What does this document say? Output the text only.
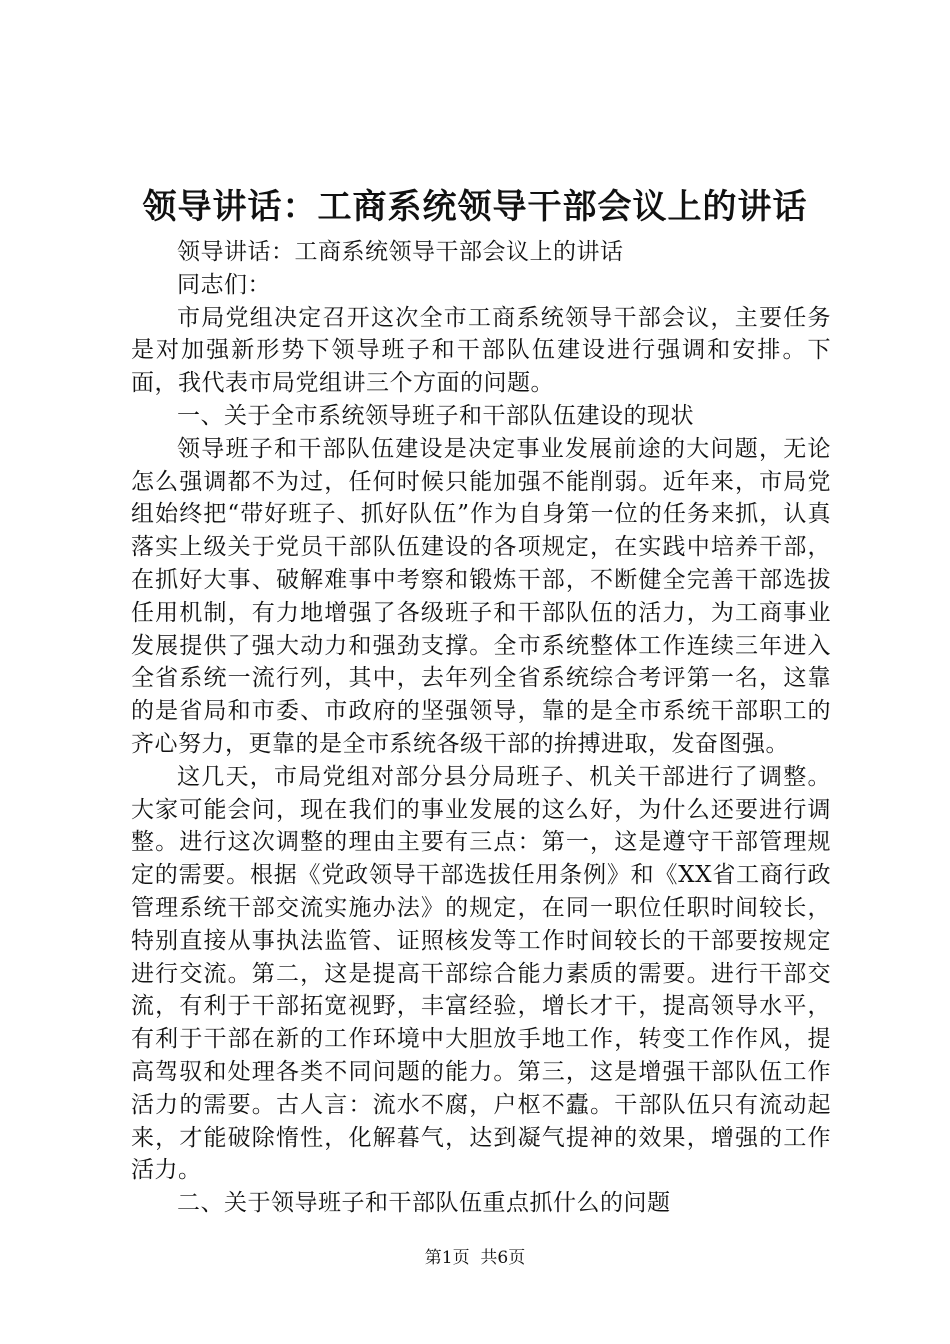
领导讲话：工商系统领导干部会议上的讲话

领导讲话：工商系统领导干部会议上的讲话

同志们：

市局党组决定召开这次全市工商系统领导干部会议，主要任务是对加强新形势下领导班子和干部队伍建设进行强调和安排。下面，我代表市局党组讲三个方面的问题。

一、关于全市系统领导班子和干部队伍建设的现状

领导班子和干部队伍建设是决定事业发展前途的大问题，无论怎么强调都不为过，任何时候只能加强不能削弱。近年来，市局党组始终把“带好班子、抓好队伍”作为自身第一位的任务来抓，认真落实上级关于党员干部队伍建设的各项规定，在实践中培养干部，在抓好大事、破解难事中考察和锻炼干部，不断健全完善干部选拔任用机制，有力地增强了各级班子和干部队伍的活力，为工商事业发展提供了强大动力和强劲支撑。全市系统整体工作连续三年进入全省系统一流行列，其中，去年列全省系统综合考评第一名，这靠的是省局和市委、市政府的坚强领导，靠的是全市系统干部职工的齐心努力，更靠的是全市系统各级干部的拚搏进取，发奋图强。

这几天，市局党组对部分县分局班子、机关干部进行了调整。大家可能会问，现在我们的事业发展的这么好，为什么还要进行调整。进行这次调整的理由主要有三点：第一，这是遵守干部管理规定的需要。根据《党政领导干部选拔任用条例》和《XX省工商行政管理系统干部交流实施办法》的规定，在同一职位任职时间较长，特别直接从事执法监管、证照核发等工作时间较长的干部要按规定进行交流。第二，这是提高干部综合能力素质的需要。进行干部交流，有利于干部拓宽视野，丰富经验，增长才干，提高领导水平，有利于干部在新的工作环境中大胆放手地工作，转变工作作风，提高驾驭和处理各类不同问题的能力。第三，这是增强干部队伍工作活力的需要。古人言：流水不腐，户枢不蠹。干部队伍只有流动起来，才能破除惰性，化解暮气，达到凝气提神的效果，增强的工作活力。

二、关于领导班子和干部队伍重点抓什么的问题

第1页  共6页
